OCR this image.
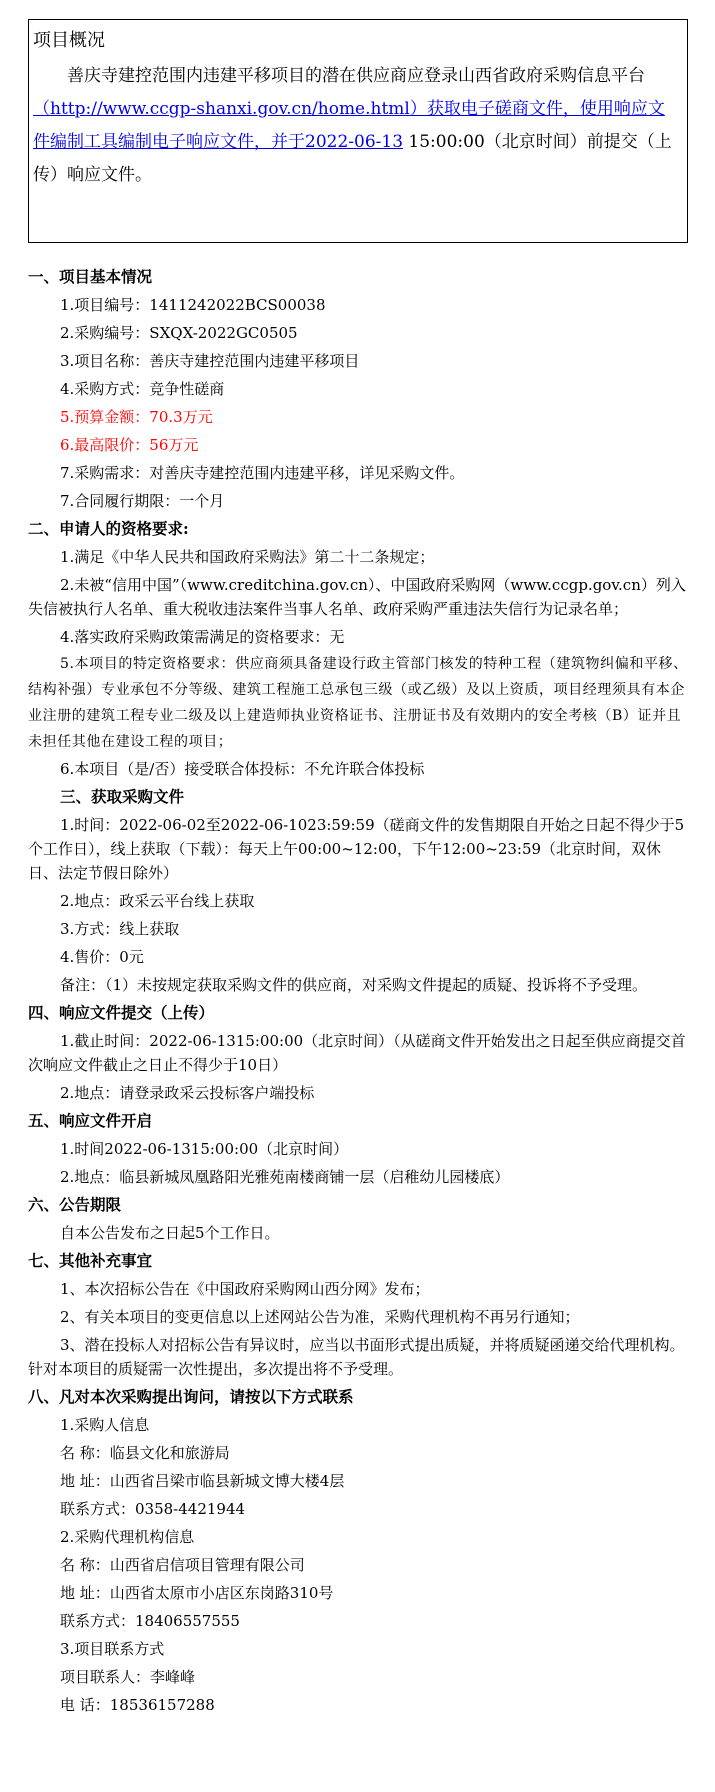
项目概况
善庆寺建控范围内违建平移项目的潜在供应商应登录山西省政府采购信息平台（http://www.ccgp-shanxi.gov.cn/home.html）获取电子磋商文件，使用响应文件编制工具编制电子响应文件，并于2022-06-13 15:00:00（北京时间）前提交（上传）响应文件。
一、项目基本情况
1.项目编号：1411242022BCS00038
2.采购编号：SXQX-2022GC0505
3.项目名称：善庆寺建控范围内违建平移项目
4.采购方式：竞争性磋商
5.预算金额：70.3万元
6.最高限价：56万元
7.采购需求：对善庆寺建控范围内违建平移，详见采购文件。
7.合同履行期限：一个月
二、申请人的资格要求:
1.满足《中华人民共和国政府采购法》第二十二条规定；
2.未被“信用中国”（www.creditchina.gov.cn）、中国政府采购网（www.ccgp.gov.cn）列入失信被执行人名单、重大税收违法案件当事人名单、政府采购严重违法失信行为记录名单；
4.落实政府采购政策需满足的资格要求：无
5.本项目的特定资格要求：供应商须具备建设行政主管部门核发的特种工程（建筑物纠偏和平移、结构补强）专业承包不分等级、建筑工程施工总承包三级（或乙级）及以上资质，项目经理须具有本企业注册的建筑工程专业二级及以上建造师执业资格证书、注册证书及有效期内的安全考核（B）证并且未担任其他在建设工程的项目；
6.本项目（是/否）接受联合体投标：不允许联合体投标
三、获取采购文件
1.时间：2022-06-02至2022-06-1023:59:59（磋商文件的发售期限自开始之日起不得少于5个工作日），线上获取（下载）：每天上午00:00~12:00，下午12:00~23:59（北京时间，双休日、法定节假日除外）
2.地点：政采云平台线上获取
3.方式：线上获取
4.售价：0元
备注：（1）未按规定获取采购文件的供应商，对采购文件提起的质疑、投诉将不予受理。
四、响应文件提交（上传）
1.截止时间：2022-06-1315:00:00（北京时间）（从磋商文件开始发出之日起至供应商提交首次响应文件截止之日止不得少于10日）
2.地点：请登录政采云投标客户端投标
五、响应文件开启
1.时间2022-06-1315:00:00（北京时间）
2.地点：临县新城凤凰路阳光雅苑南楼商铺一层（启稚幼儿园楼底）
六、公告期限
自本公告发布之日起5个工作日。
七、其他补充事宜
1、本次招标公告在《中国政府采购网山西分网》发布；
2、有关本项目的变更信息以上述网站公告为准，采购代理机构不再另行通知；
3、潜在投标人对招标公告有异议时，应当以书面形式提出质疑，并将质疑函递交给代理机构。针对本项目的质疑需一次性提出，多次提出将不予受理。
八、凡对本次采购提出询问，请按以下方式联系
1.采购人信息
名 称：临县文化和旅游局
地 址：山西省吕梁市临县新城文博大楼4层
联系方式：0358-4421944
2.采购代理机构信息
名 称：山西省启信项目管理有限公司
地 址：山西省太原市小店区东岗路310号
联系方式：18406557555
3.项目联系方式
项目联系人：李峰峰
电 话：18536157288
